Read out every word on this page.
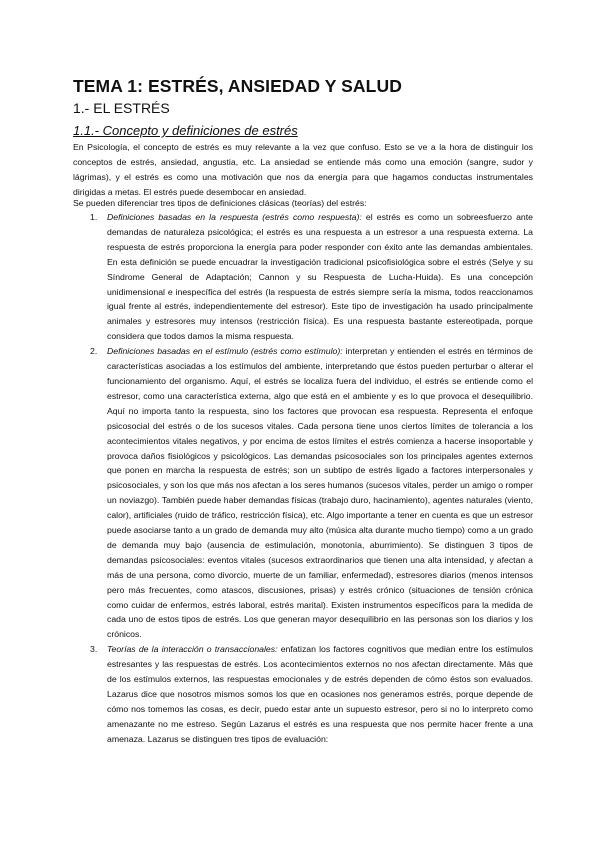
TEMA 1: ESTRÉS, ANSIEDAD Y SALUD
1.- EL ESTRÉS
1.1.- Concepto y definiciones de estrés
En Psicología, el concepto de estrés es muy relevante a la vez que confuso. Esto se ve a la hora de distinguir los conceptos de estrés, ansiedad, angustia, etc. La ansiedad se entiende más como una emoción (sangre, sudor y lágrimas), y el estrés es como una motivación que nos da energía para que hagamos conductas instrumentales dirigidas a metas. El estrés puede desembocar en ansiedad.
Se pueden diferenciar tres tipos de definiciones clásicas (teorías) del estrés:
1. Definiciones basadas en la respuesta (estrés como respuesta): el estrés es como un sobreesfuerzo ante demandas de naturaleza psicológica; el estrés es una respuesta a un estresor a una respuesta externa. La respuesta de estrés proporciona la energía para poder responder con éxito ante las demandas ambientales. En esta definición se puede encuadrar la investigación tradicional psicofisiológica sobre el estrés (Selye y su Síndrome General de Adaptación; Cannon y su Respuesta de Lucha-Huida). Es una concepción unidimensional e inespecífica del estrés (la respuesta de estrés siempre sería la misma, todos reaccionamos igual frente al estrés, independientemente del estresor). Este tipo de investigación ha usado principalmente animales y estresores muy intensos (restricción física). Es una respuesta bastante estereotipada, porque considera que todos damos la misma respuesta.
2. Definiciones basadas en el estímulo (estrés como estímulo): interpretan y entienden el estrés en términos de características asociadas a los estímulos del ambiente, interpretando que éstos pueden perturbar o alterar el funcionamiento del organismo. Aquí, el estrés se localiza fuera del individuo, el estrés se entiende como el estresor, como una característica externa, algo que está en el ambiente y es lo que provoca el desequilibrio. Aquí no importa tanto la respuesta, sino los factores que provocan esa respuesta. Representa el enfoque psicosocial del estrés o de los sucesos vitales. Cada persona tiene unos ciertos límites de tolerancia a los acontecimientos vitales negativos, y por encima de estos límites el estrés comienza a hacerse insoportable y provoca daños fisiológicos y psicológicos. Las demandas psicosociales son los principales agentes externos que ponen en marcha la respuesta de estrés; son un subtipo de estrés ligado a factores interpersonales y psicosociales, y son los que más nos afectan a los seres humanos (sucesos vitales, perder un amigo o romper un noviazgo). También puede haber demandas físicas (trabajo duro, hacinamiento), agentes naturales (viento, calor), artificiales (ruido de tráfico, restricción física), etc. Algo importante a tener en cuenta es que un estresor puede asociarse tanto a un grado de demanda muy alto (música alta durante mucho tiempo) como a un grado de demanda muy bajo (ausencia de estimulación, monotonía, aburrimiento). Se distinguen 3 tipos de demandas psicosociales: eventos vitales (sucesos extraordinarios que tienen una alta intensidad, y afectan a más de una persona, como divorcio, muerte de un familiar, enfermedad), estresores diarios (menos intensos pero más frecuentes, como atascos, discusiones, prisas) y estrés crónico (situaciones de tensión crónica como cuidar de enfermos, estrés laboral, estrés marital). Existen instrumentos específicos para la medida de cada uno de estos tipos de estrés. Los que generan mayor desequilibrio en las personas son los diarios y los crónicos.
3. Teorías de la interacción o transaccionales: enfatizan los factores cognitivos que median entre los estímulos estresantes y las respuestas de estrés. Los acontecimientos externos no nos afectan directamente. Más que de los estímulos externos, las respuestas emocionales y de estrés dependen de cómo éstos son evaluados. Lazarus dice que nosotros mismos somos los que en ocasiones nos generamos estrés, porque depende de cómo nos tomemos las cosas, es decir, puedo estar ante un supuesto estresor, pero si no lo interpreto como amenazante no me estreso. Según Lazarus el estrés es una respuesta que nos permite hacer frente a una amenaza. Lazarus se distinguen tres tipos de evaluación:
